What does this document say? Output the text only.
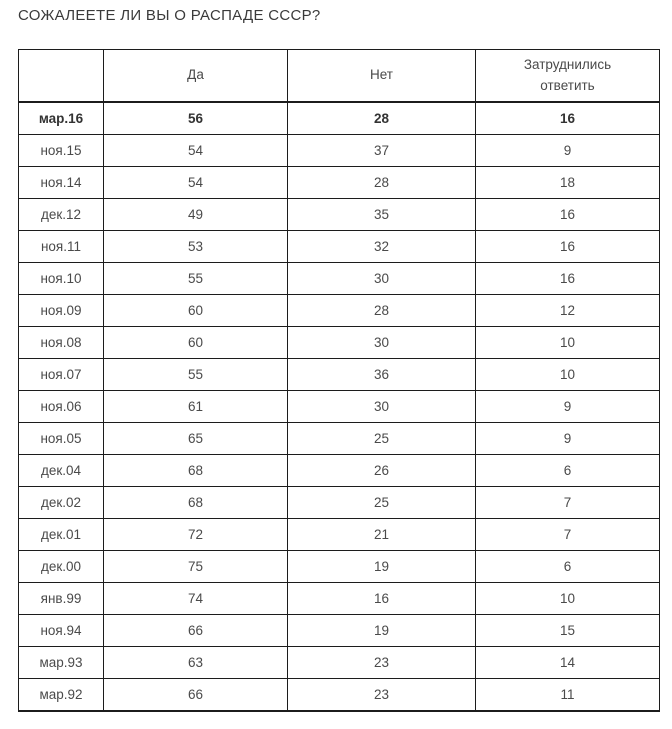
СОЖАЛЕЕТЕ ЛИ ВЫ О РАСПАДЕ СССР?
	Да	Нет	Затруднились ответить
мар.16	56	28	16
ноя.15	54	37	9
ноя.14	54	28	18
дек.12	49	35	16
ноя.11	53	32	16
ноя.10	55	30	16
ноя.09	60	28	12
ноя.08	60	30	10
ноя.07	55	36	10
ноя.06	61	30	9
ноя.05	65	25	9
дек.04	68	26	6
дек.02	68	25	7
дек.01	72	21	7
дек.00	75	19	6
янв.99	74	16	10
ноя.94	66	19	15
мар.93	63	23	14
мар.92	66	23	11
